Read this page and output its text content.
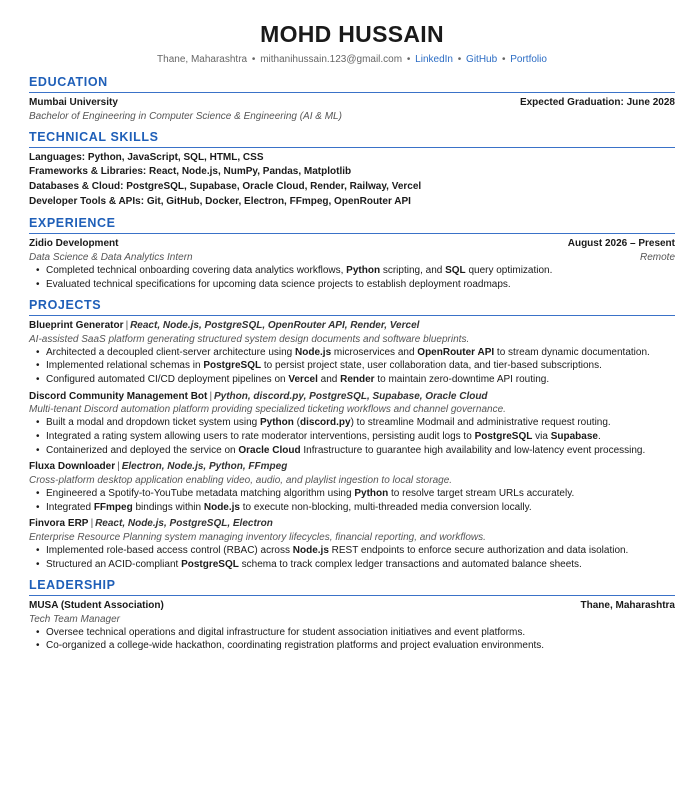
MOHD HUSSAIN
Thane, Maharashtra • mithanihussain.123@gmail.com • LinkedIn • GitHub • Portfolio
EDUCATION
Mumbai University	Expected Graduation: June 2028
Bachelor of Engineering in Computer Science & Engineering (AI & ML)
TECHNICAL SKILLS
Languages: Python, JavaScript, SQL, HTML, CSS
Frameworks & Libraries: React, Node.js, NumPy, Pandas, Matplotlib
Databases & Cloud: PostgreSQL, Supabase, Oracle Cloud, Render, Railway, Vercel
Developer Tools & APIs: Git, GitHub, Docker, Electron, FFmpeg, OpenRouter API
EXPERIENCE
Zidio Development	August 2026 – Present
Data Science & Data Analytics Intern	Remote
• Completed technical onboarding covering data analytics workflows, Python scripting, and SQL query optimization.
• Evaluated technical specifications for upcoming data science projects to establish deployment roadmaps.
PROJECTS
Blueprint Generator | React, Node.js, PostgreSQL, OpenRouter API, Render, Vercel
AI-assisted SaaS platform generating structured system design documents and software blueprints.
• Architected a decoupled client-server architecture using Node.js microservices and OpenRouter API to stream dynamic documentation.
• Implemented relational schemas in PostgreSQL to persist project state, user collaboration data, and tier-based subscriptions.
• Configured automated CI/CD deployment pipelines on Vercel and Render to maintain zero-downtime API routing.
Discord Community Management Bot | Python, discord.py, PostgreSQL, Supabase, Oracle Cloud
Multi-tenant Discord automation platform providing specialized ticketing workflows and channel governance.
• Built a modal and dropdown ticket system using Python (discord.py) to streamline Modmail and administrative request routing.
• Integrated a rating system allowing users to rate moderator interventions, persisting audit logs to PostgreSQL via Supabase.
• Containerized and deployed the service on Oracle Cloud Infrastructure to guarantee high availability and low-latency event processing.
Fluxa Downloader | Electron, Node.js, Python, FFmpeg
Cross-platform desktop application enabling video, audio, and playlist ingestion to local storage.
• Engineered a Spotify-to-YouTube metadata matching algorithm using Python to resolve target stream URLs accurately.
• Integrated FFmpeg bindings within Node.js to execute non-blocking, multi-threaded media conversion locally.
Finvora ERP | React, Node.js, PostgreSQL, Electron
Enterprise Resource Planning system managing inventory lifecycles, financial reporting, and workflows.
• Implemented role-based access control (RBAC) across Node.js REST endpoints to enforce secure authorization and data isolation.
• Structured an ACID-compliant PostgreSQL schema to track complex ledger transactions and automated balance sheets.
LEADERSHIP
MUSA (Student Association)	Thane, Maharashtra
Tech Team Manager
• Oversee technical operations and digital infrastructure for student association initiatives and event platforms.
• Co-organized a college-wide hackathon, coordinating registration platforms and project evaluation environments.
